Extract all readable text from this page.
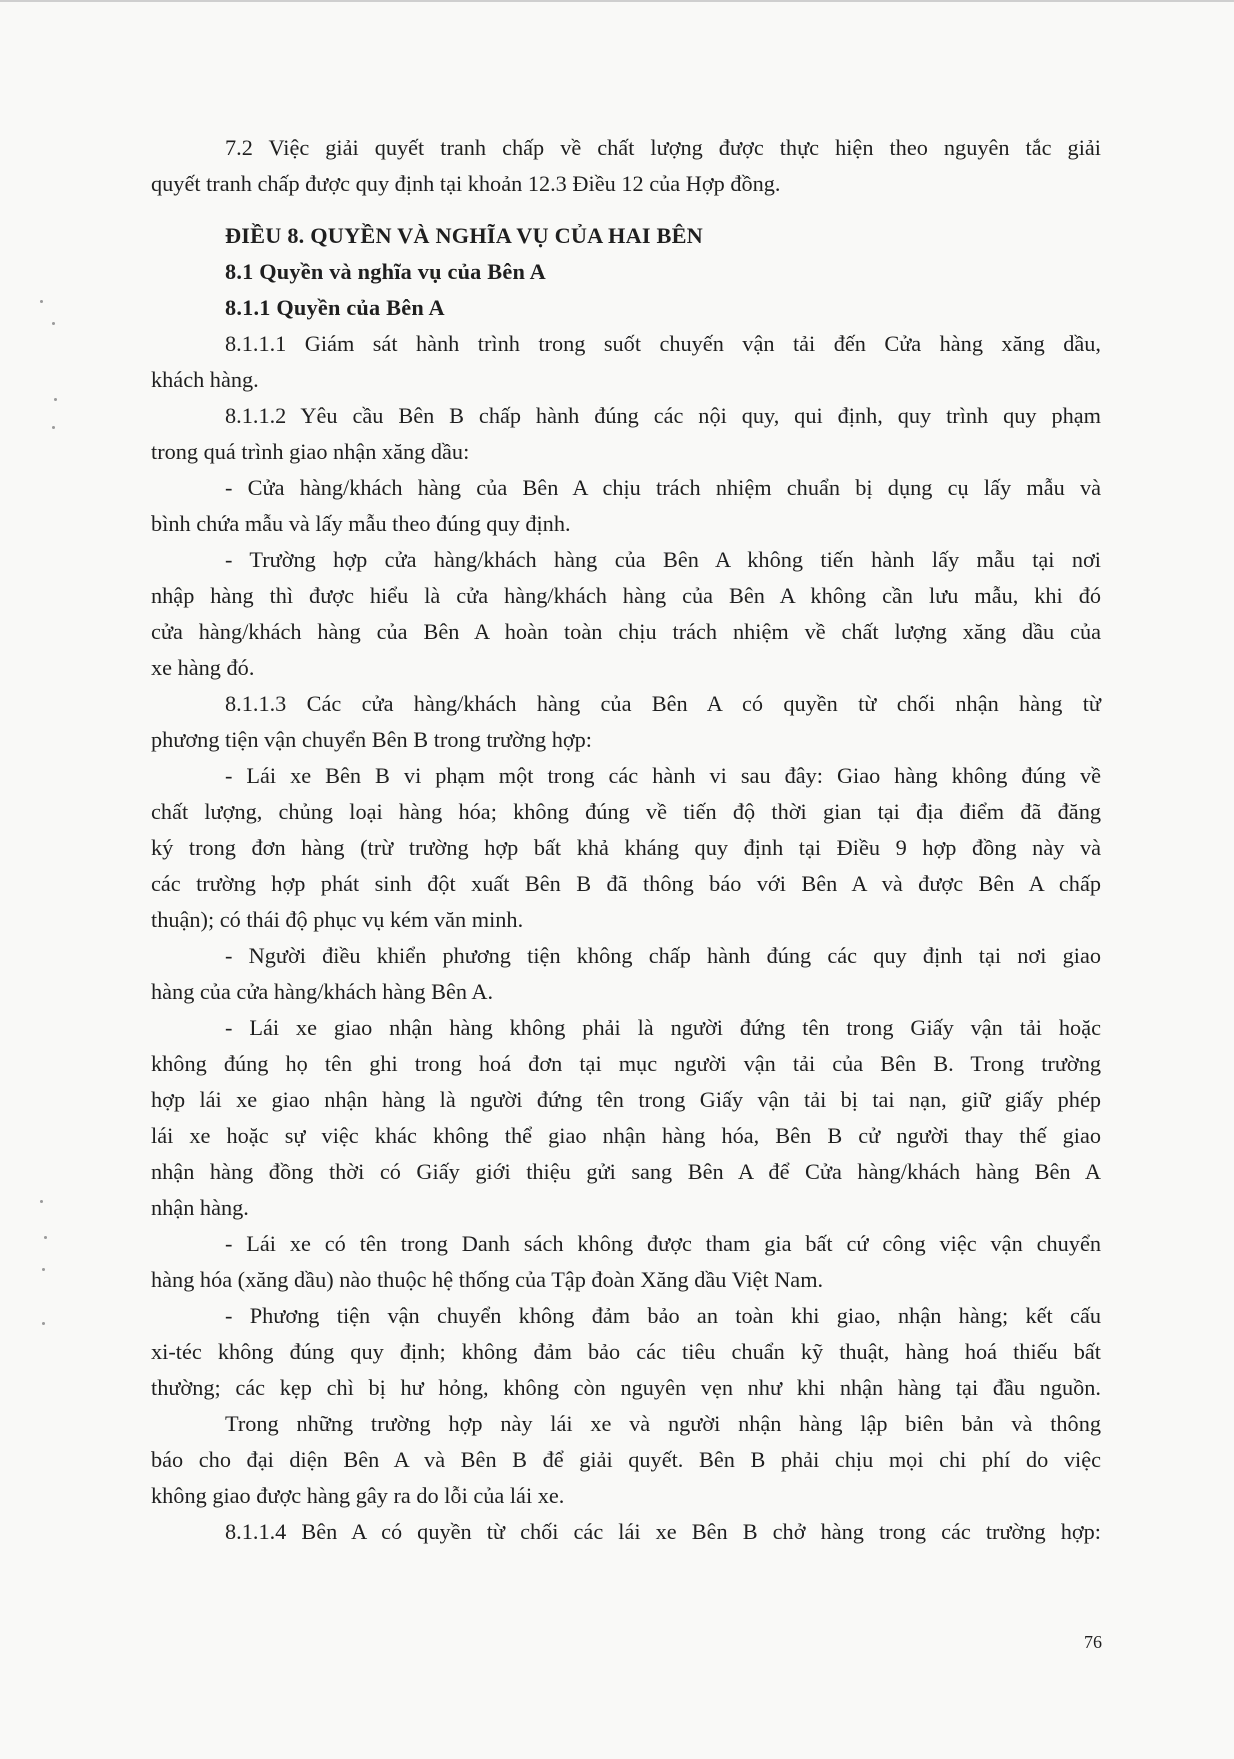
7.2 Việc giải quyết tranh chấp về chất lượng được thực hiện theo nguyên tắc giải
quyết tranh chấp được quy định tại khoản 12.3 Điều 12 của Hợp đồng.
ĐIỀU 8. QUYỀN VÀ NGHĨA VỤ CỦA HAI BÊN
8.1 Quyền và nghĩa vụ của Bên A
8.1.1 Quyền của Bên A
8.1.1.1 Giám sát hành trình trong suốt chuyến vận tải đến Cửa hàng xăng dầu,
khách hàng.
8.1.1.2 Yêu cầu Bên B chấp hành đúng các nội quy, qui định, quy trình quy phạm
trong quá trình giao nhận xăng dầu:
- Cửa hàng/khách hàng của Bên A chịu trách nhiệm chuẩn bị dụng cụ lấy mẫu và
bình chứa mẫu và lấy mẫu theo đúng quy định.
- Trường hợp cửa hàng/khách hàng của Bên A không tiến hành lấy mẫu tại nơi
nhập hàng thì được hiểu là cửa hàng/khách hàng của Bên A không cần lưu mẫu, khi đó
cửa hàng/khách hàng của Bên A hoàn toàn chịu trách nhiệm về chất lượng xăng dầu của
xe hàng đó.
8.1.1.3 Các cửa hàng/khách hàng của Bên A có quyền từ chối nhận hàng từ
phương tiện vận chuyển Bên B trong trường hợp:
- Lái xe Bên B vi phạm một trong các hành vi sau đây: Giao hàng không đúng về
chất lượng, chủng loại hàng hóa; không đúng về tiến độ thời gian tại địa điểm đã đăng
ký trong đơn hàng (trừ trường hợp bất khả kháng quy định tại Điều 9 hợp đồng này và
các trường hợp phát sinh đột xuất Bên B đã thông báo với Bên A và được Bên A chấp
thuận); có thái độ phục vụ kém văn minh.
- Người điều khiển phương tiện không chấp hành đúng các quy định tại nơi giao
hàng của cửa hàng/khách hàng Bên A.
- Lái xe giao nhận hàng không phải là người đứng tên trong Giấy vận tải hoặc
không đúng họ tên ghi trong hoá đơn tại mục người vận tải của Bên B. Trong trường
hợp lái xe giao nhận hàng là người đứng tên trong Giấy vận tải bị tai nạn, giữ giấy phép
lái xe hoặc sự việc khác không thể giao nhận hàng hóa, Bên B cử người thay thế giao
nhận hàng đồng thời có Giấy giới thiệu gửi sang Bên A để Cửa hàng/khách hàng Bên A
nhận hàng.
- Lái xe có tên trong Danh sách không được tham gia bất cứ công việc vận chuyển
hàng hóa (xăng dầu) nào thuộc hệ thống của Tập đoàn Xăng dầu Việt Nam.
- Phương tiện vận chuyển không đảm bảo an toàn khi giao, nhận hàng; kết cấu
xi-téc không đúng quy định; không đảm bảo các tiêu chuẩn kỹ thuật, hàng hoá thiếu bất
thường; các kẹp chì bị hư hỏng, không còn nguyên vẹn như khi nhận hàng tại đầu nguồn.
Trong những trường hợp này lái xe và người nhận hàng lập biên bản và thông
báo cho đại diện Bên A và Bên B để giải quyết. Bên B phải chịu mọi chi phí do việc
không giao được hàng gây ra do lỗi của lái xe.
8.1.1.4 Bên A có quyền từ chối các lái xe Bên B chở hàng trong các trường hợp:
76
